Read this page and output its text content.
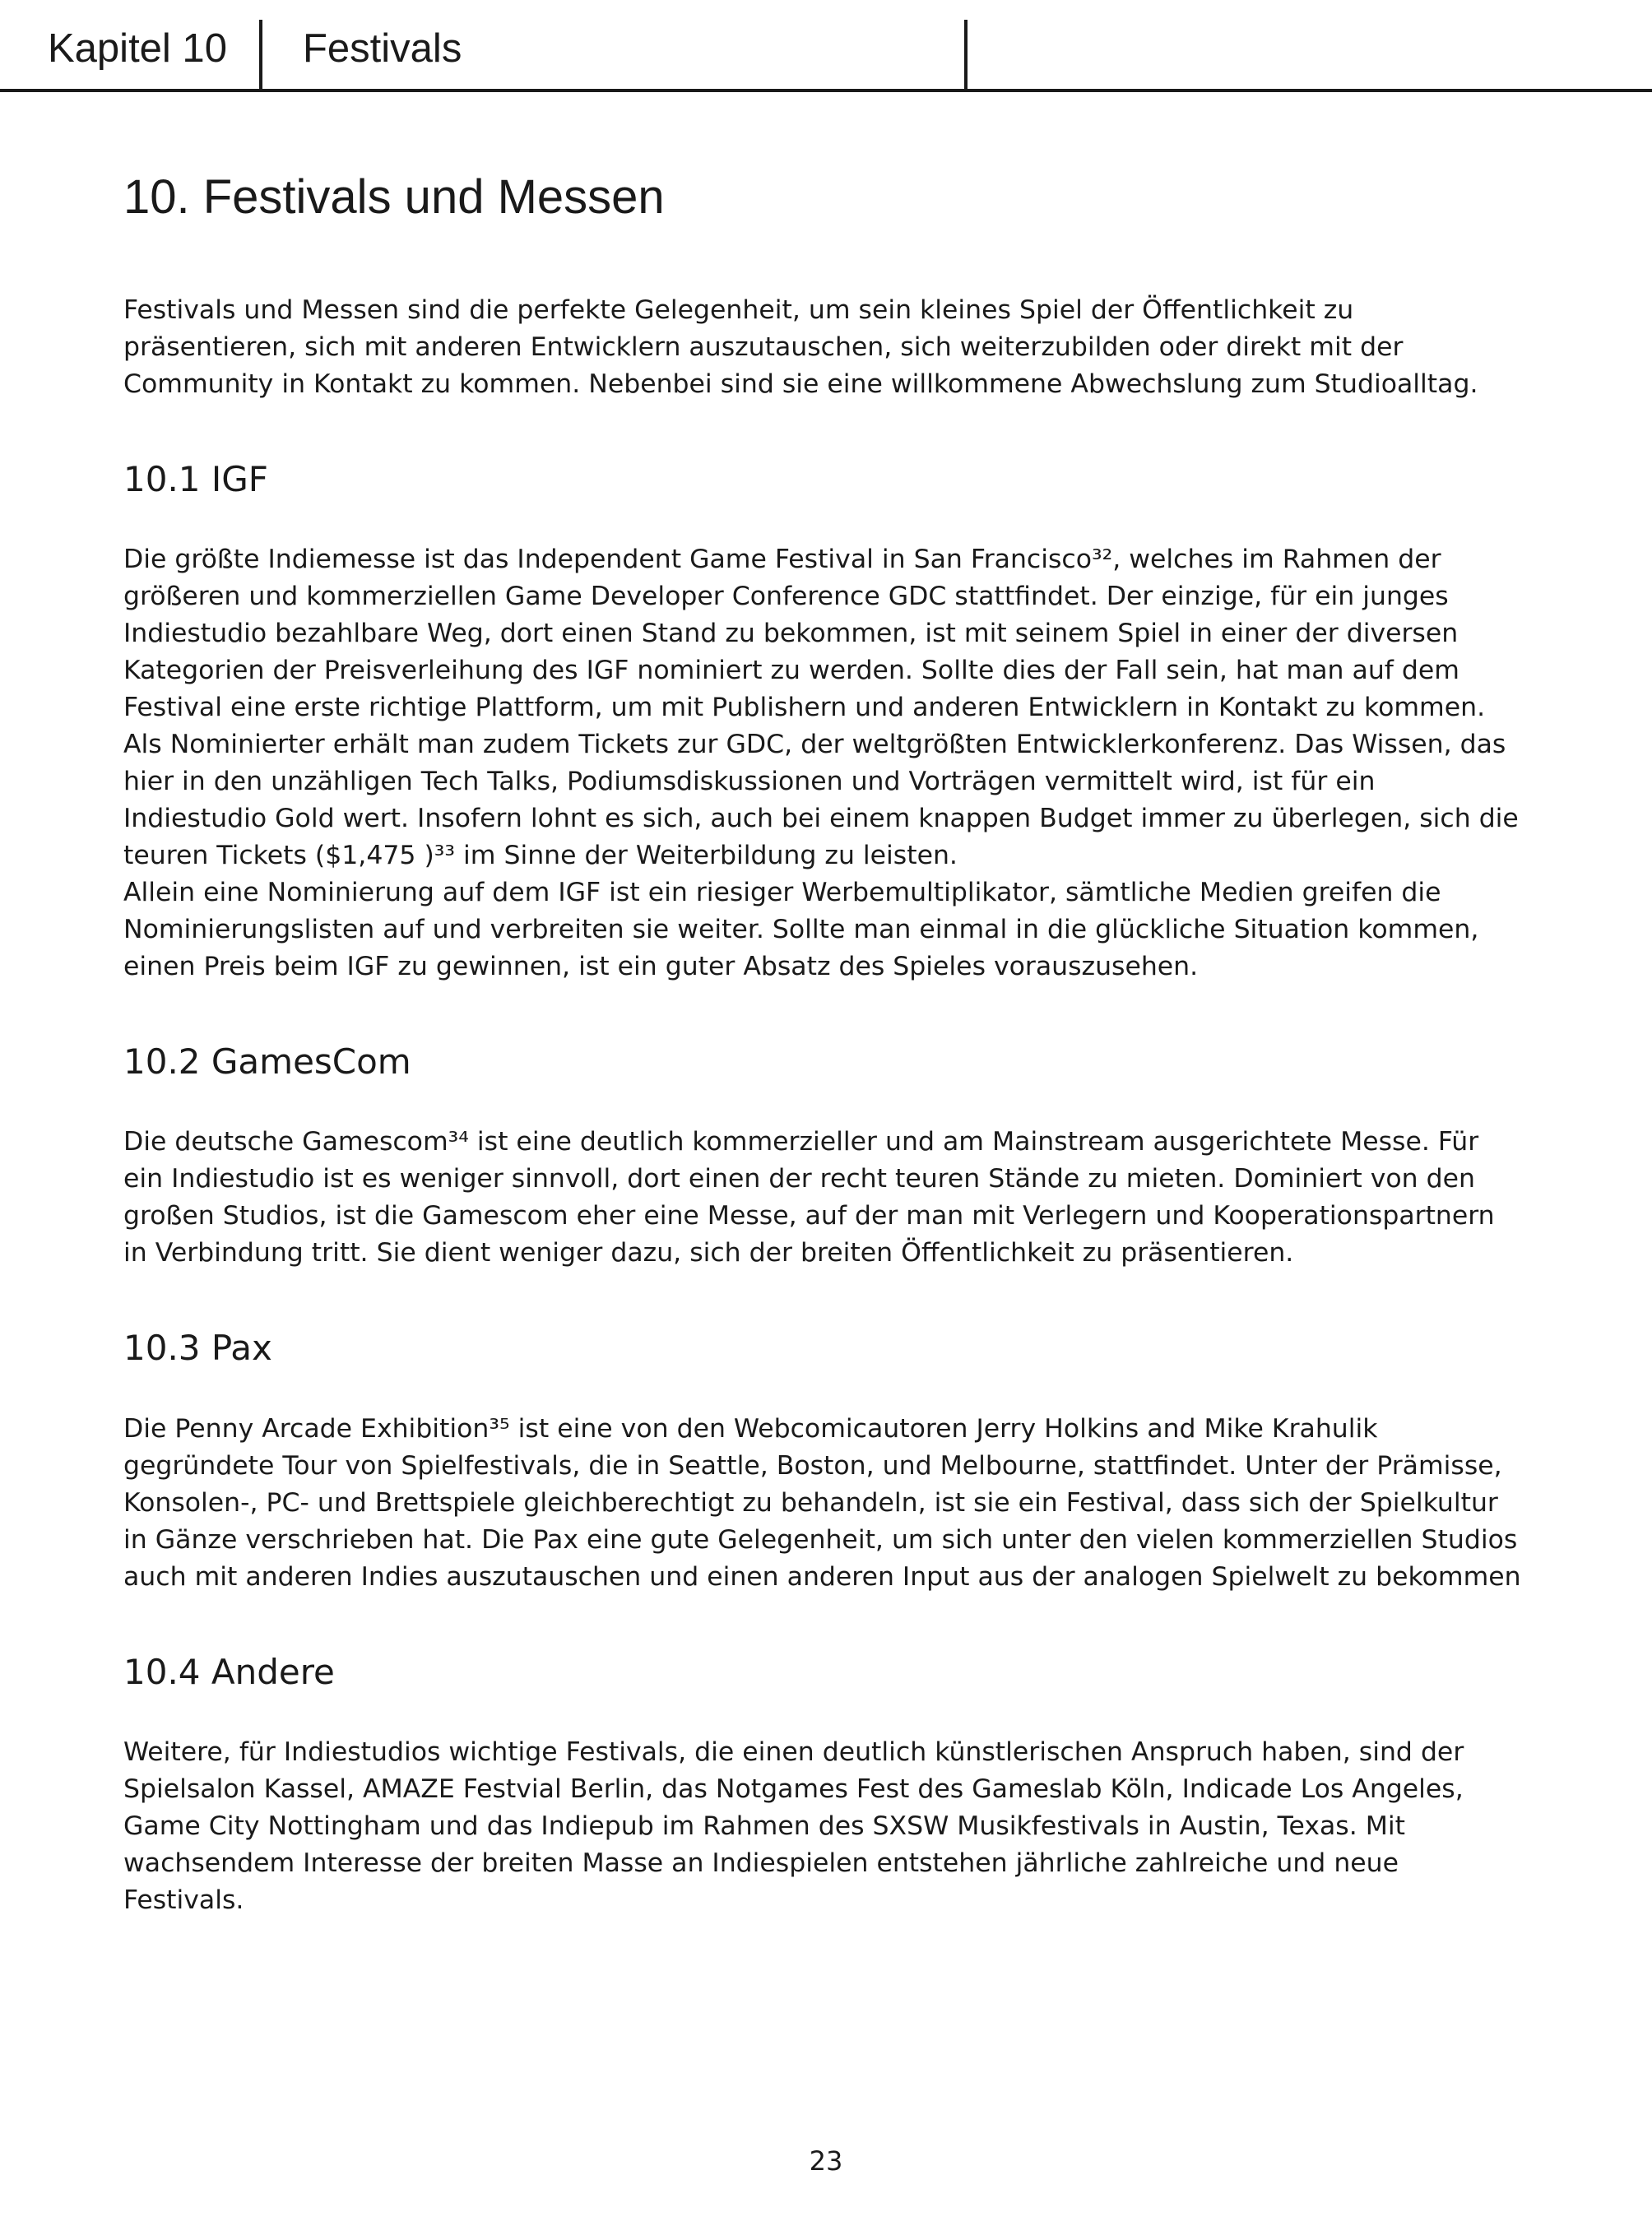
Kapitel 10 Festivals
10. Festivals und Messen

Festivals und Messen sind die perfekte Gelegenheit, um sein kleines Spiel der Öffentlichkeit zu präsentieren, sich mit anderen Entwicklern auszutauschen, sich weiterzubilden oder direkt mit der Community in Kontakt zu kommen. Nebenbei sind sie eine willkommene Abwechslung zum Studioalltag.

10.1 IGF

Die größte Indiemesse ist das Independent Game Festival in San Francisco³², welches im Rahmen der größeren und kommerziellen Game Developer Conference GDC stattfindet. Der einzige, für ein junges Indiestudio bezahlbare Weg, dort einen Stand zu bekommen, ist mit seinem Spiel in einer der diversen Kategorien der Preisverleihung des IGF nominiert zu werden. Sollte dies der Fall sein, hat man auf dem Festival eine erste richtige Plattform, um mit Publishern und anderen Entwicklern in Kontakt zu kommen. Als Nominierter erhält man zudem Tickets zur GDC, der weltgrößten Entwicklerkonferenz. Das Wissen, das hier in den unzähligen Tech Talks, Podiumsdiskussionen und Vorträgen vermittelt wird, ist für ein Indiestudio Gold wert. Insofern lohnt es sich, auch bei einem knappen Budget immer zu überlegen, sich die teuren Tickets ($1,475 )³³ im Sinne der Weiterbildung zu leisten.

Allein eine Nominierung auf dem IGF ist ein riesiger Werbemultiplikator, sämtliche Medien greifen die Nominierungslisten auf und verbreiten sie weiter. Sollte man einmal in die glückliche Situation kommen, einen Preis beim IGF zu gewinnen, ist ein guter Absatz des Spieles vorauszusehen.

10.2 GamesCom

Die deutsche Gamescom³⁴ ist eine deutlich kommerzieller und am Mainstream ausgerichtete Messe. Für ein Indiestudio ist es weniger sinnvoll, dort einen der recht teuren Stände zu mieten. Dominiert von den großen Studios, ist die Gamescom eher eine Messe, auf der man mit Verlegern und Kooperationspartnern in Verbindung tritt. Sie dient weniger dazu, sich der breiten Öffentlichkeit zu präsentieren.

10.3 Pax

Die Penny Arcade Exhibition³⁵ ist eine von den Webcomicautoren Jerry Holkins and Mike Krahulik gegründete Tour von Spielfestivals, die in Seattle, Boston, und Melbourne, stattfindet. Unter der Prämisse, Konsolen-, PC- und Brettspiele gleichberechtigt zu behandeln, ist sie ein Festival, dass sich der Spielkultur in Gänze verschrieben hat. Die Pax eine gute Gelegenheit, um sich unter den vielen kommerziellen Studios auch mit anderen Indies auszutauschen und einen anderen Input aus der analogen Spielwelt zu bekommen

10.4 Andere

Weitere, für Indiestudios wichtige Festivals, die einen deutlich künstlerischen Anspruch haben, sind der Spielsalon Kassel, AMAZE Festvial Berlin, das Notgames Fest des Gameslab Köln, Indicade Los Angeles, Game City Nottingham und das Indiepub im Rahmen des SXSW Musikfestivals in Austin, Texas. Mit wachsendem Interesse der breiten Masse an Indiespielen entstehen jährliche zahlreiche und neue Festivals.

23
